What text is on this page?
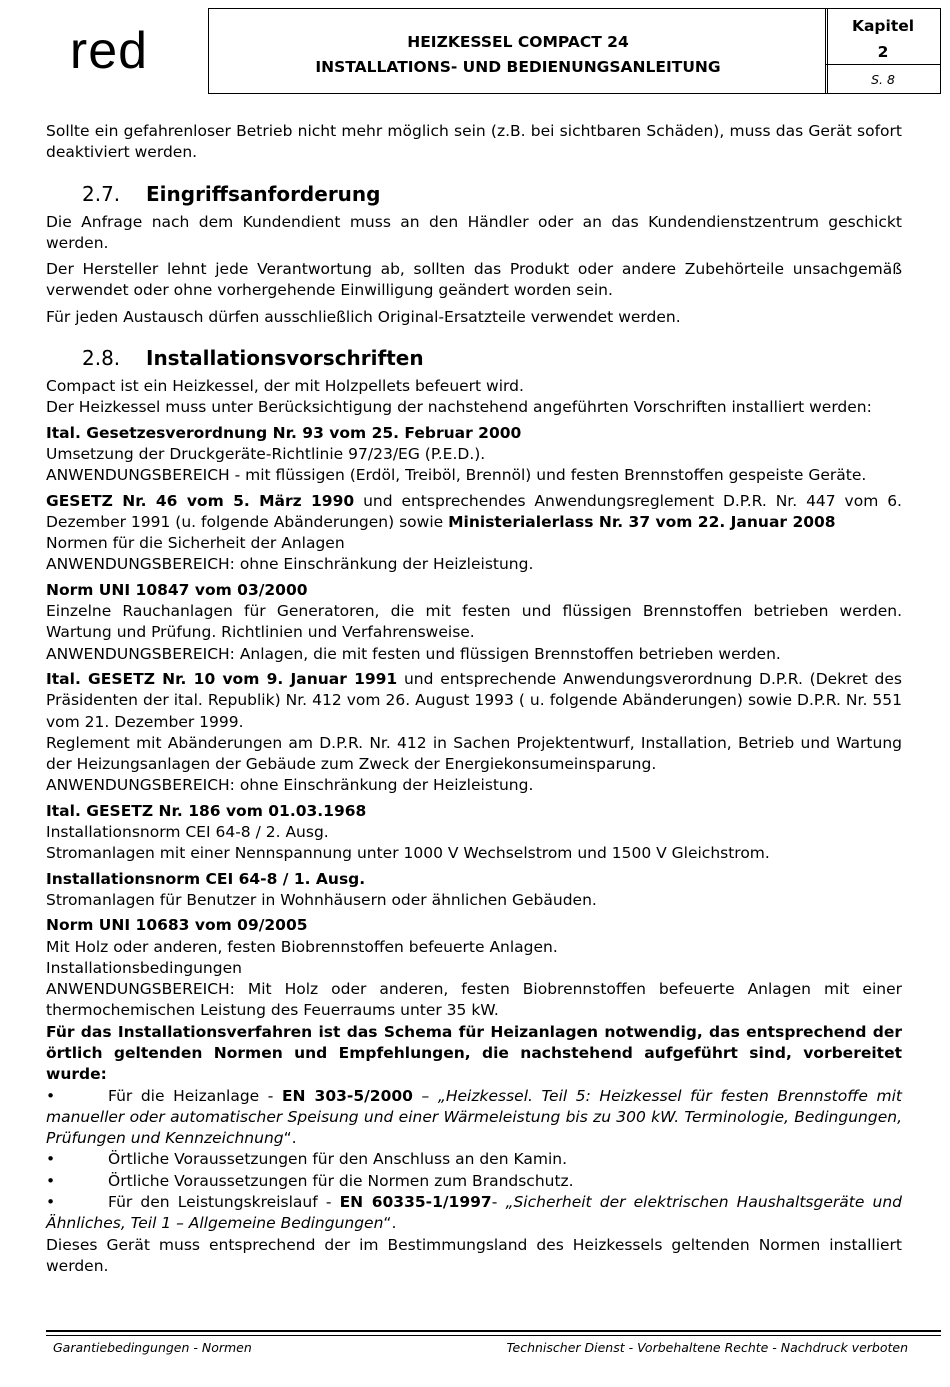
red	HEIZKESSEL COMPACT 24
INSTALLATIONS- UND BEDIENUNGSANLEITUNG
Kapitel
2
S. 8

Sollte ein gefahrenloser Betrieb nicht mehr möglich sein (z.B. bei sichtbaren Schäden), muss das Gerät sofort deaktiviert werden.

2.7. Eingriffsanforderung

Die Anfrage nach dem Kundendient muss an den Händler oder an das Kundendienstzentrum geschickt werden.

Der Hersteller lehnt jede Verantwortung ab, sollten das Produkt oder andere Zubehörteile unsachgemäß verwendet oder ohne vorhergehende Einwilligung geändert worden sein.

Für jeden Austausch dürfen ausschließlich Original-Ersatzteile verwendet werden.

2.8. Installationsvorschriften

Compact ist ein Heizkessel, der mit Holzpellets befeuert wird.

Der Heizkessel muss unter Berücksichtigung der nachstehend angeführten Vorschriften installiert werden:

Ital. Gesetzesverordnung Nr. 93 vom 25. Februar 2000

Umsetzung der Druckgeräte-Richtlinie 97/23/EG (P.E.D.).

ANWENDUNGSBEREICH - mit flüssigen (Erdöl, Treiböl, Brennöl) und festen Brennstoffen gespeiste Geräte.

GESETZ Nr. 46 vom 5. März 1990 und entsprechendes Anwendungsreglement D.P.R. Nr. 447 vom 6. Dezember 1991 (u. folgende Abänderungen) sowie Ministerialerlass Nr. 37 vom 22. Januar 2008

Normen für die Sicherheit der Anlagen

ANWENDUNGSBEREICH: ohne Einschränkung der Heizleistung.

Norm UNI 10847 vom 03/2000

Einzelne Rauchanlagen für Generatoren, die mit festen und flüssigen Brennstoffen betrieben werden. Wartung und Prüfung. Richtlinien und Verfahrensweise.

ANWENDUNGSBEREICH: Anlagen, die mit festen und flüssigen Brennstoffen betrieben werden.

Ital. GESETZ Nr. 10 vom 9. Januar 1991 und entsprechende Anwendungsverordnung D.P.R. (Dekret des Präsidenten der ital. Republik) Nr. 412 vom 26. August 1993 ( u. folgende Abänderungen) sowie D.P.R. Nr. 551 vom 21. Dezember 1999.

Reglement mit Abänderungen am D.P.R. Nr. 412 in Sachen Projektentwurf, Installation, Betrieb und Wartung der Heizungsanlagen der Gebäude zum Zweck der Energiekonsumeinsparung.

ANWENDUNGSBEREICH: ohne Einschränkung der Heizleistung.

Ital. GESETZ Nr. 186 vom 01.03.1968

Installationsnorm CEI 64-8 / 2. Ausg.

Stromanlagen mit einer Nennspannung unter 1000 V Wechselstrom und 1500 V Gleichstrom.

Installationsnorm CEI 64-8 / 1. Ausg.

Stromanlagen für Benutzer in Wohnhäusern oder ähnlichen Gebäuden.

Norm UNI 10683 vom 09/2005

Mit Holz oder anderen, festen Biobrennstoffen befeuerte Anlagen.

Installationsbedingungen

ANWENDUNGSBEREICH: Mit Holz oder anderen, festen Biobrennstoffen befeuerte Anlagen mit einer thermochemischen Leistung des Feuerraums unter 35 kW.

Für das Installationsverfahren ist das Schema für Heizanlagen notwendig, das entsprechend der örtlich geltenden Normen und Empfehlungen, die nachstehend aufgeführt sind, vorbereitet wurde:

•	Für die Heizanlage - EN 303-5/2000 – „Heizkessel. Teil 5: Heizkessel für festen Brennstoffe mit manueller oder automatischer Speisung und einer Wärmeleistung bis zu 300 kW. Terminologie, Bedingungen, Prüfungen und Kennzeichnung“.
•	Örtliche Voraussetzungen für den Anschluss an den Kamin.
•	Örtliche Voraussetzungen für die Normen zum Brandschutz.
•	Für den Leistungskreislauf - EN 60335-1/1997- „Sicherheit der elektrischen Haushaltsgeräte und Ähnliches, Teil 1 – Allgemeine Bedingungen“.

Dieses Gerät muss entsprechend der im Bestimmungsland des Heizkessels geltenden Normen installiert werden.

Garantiebedingungen - Normen	Technischer Dienst - Vorbehaltene Rechte - Nachdruck verboten
